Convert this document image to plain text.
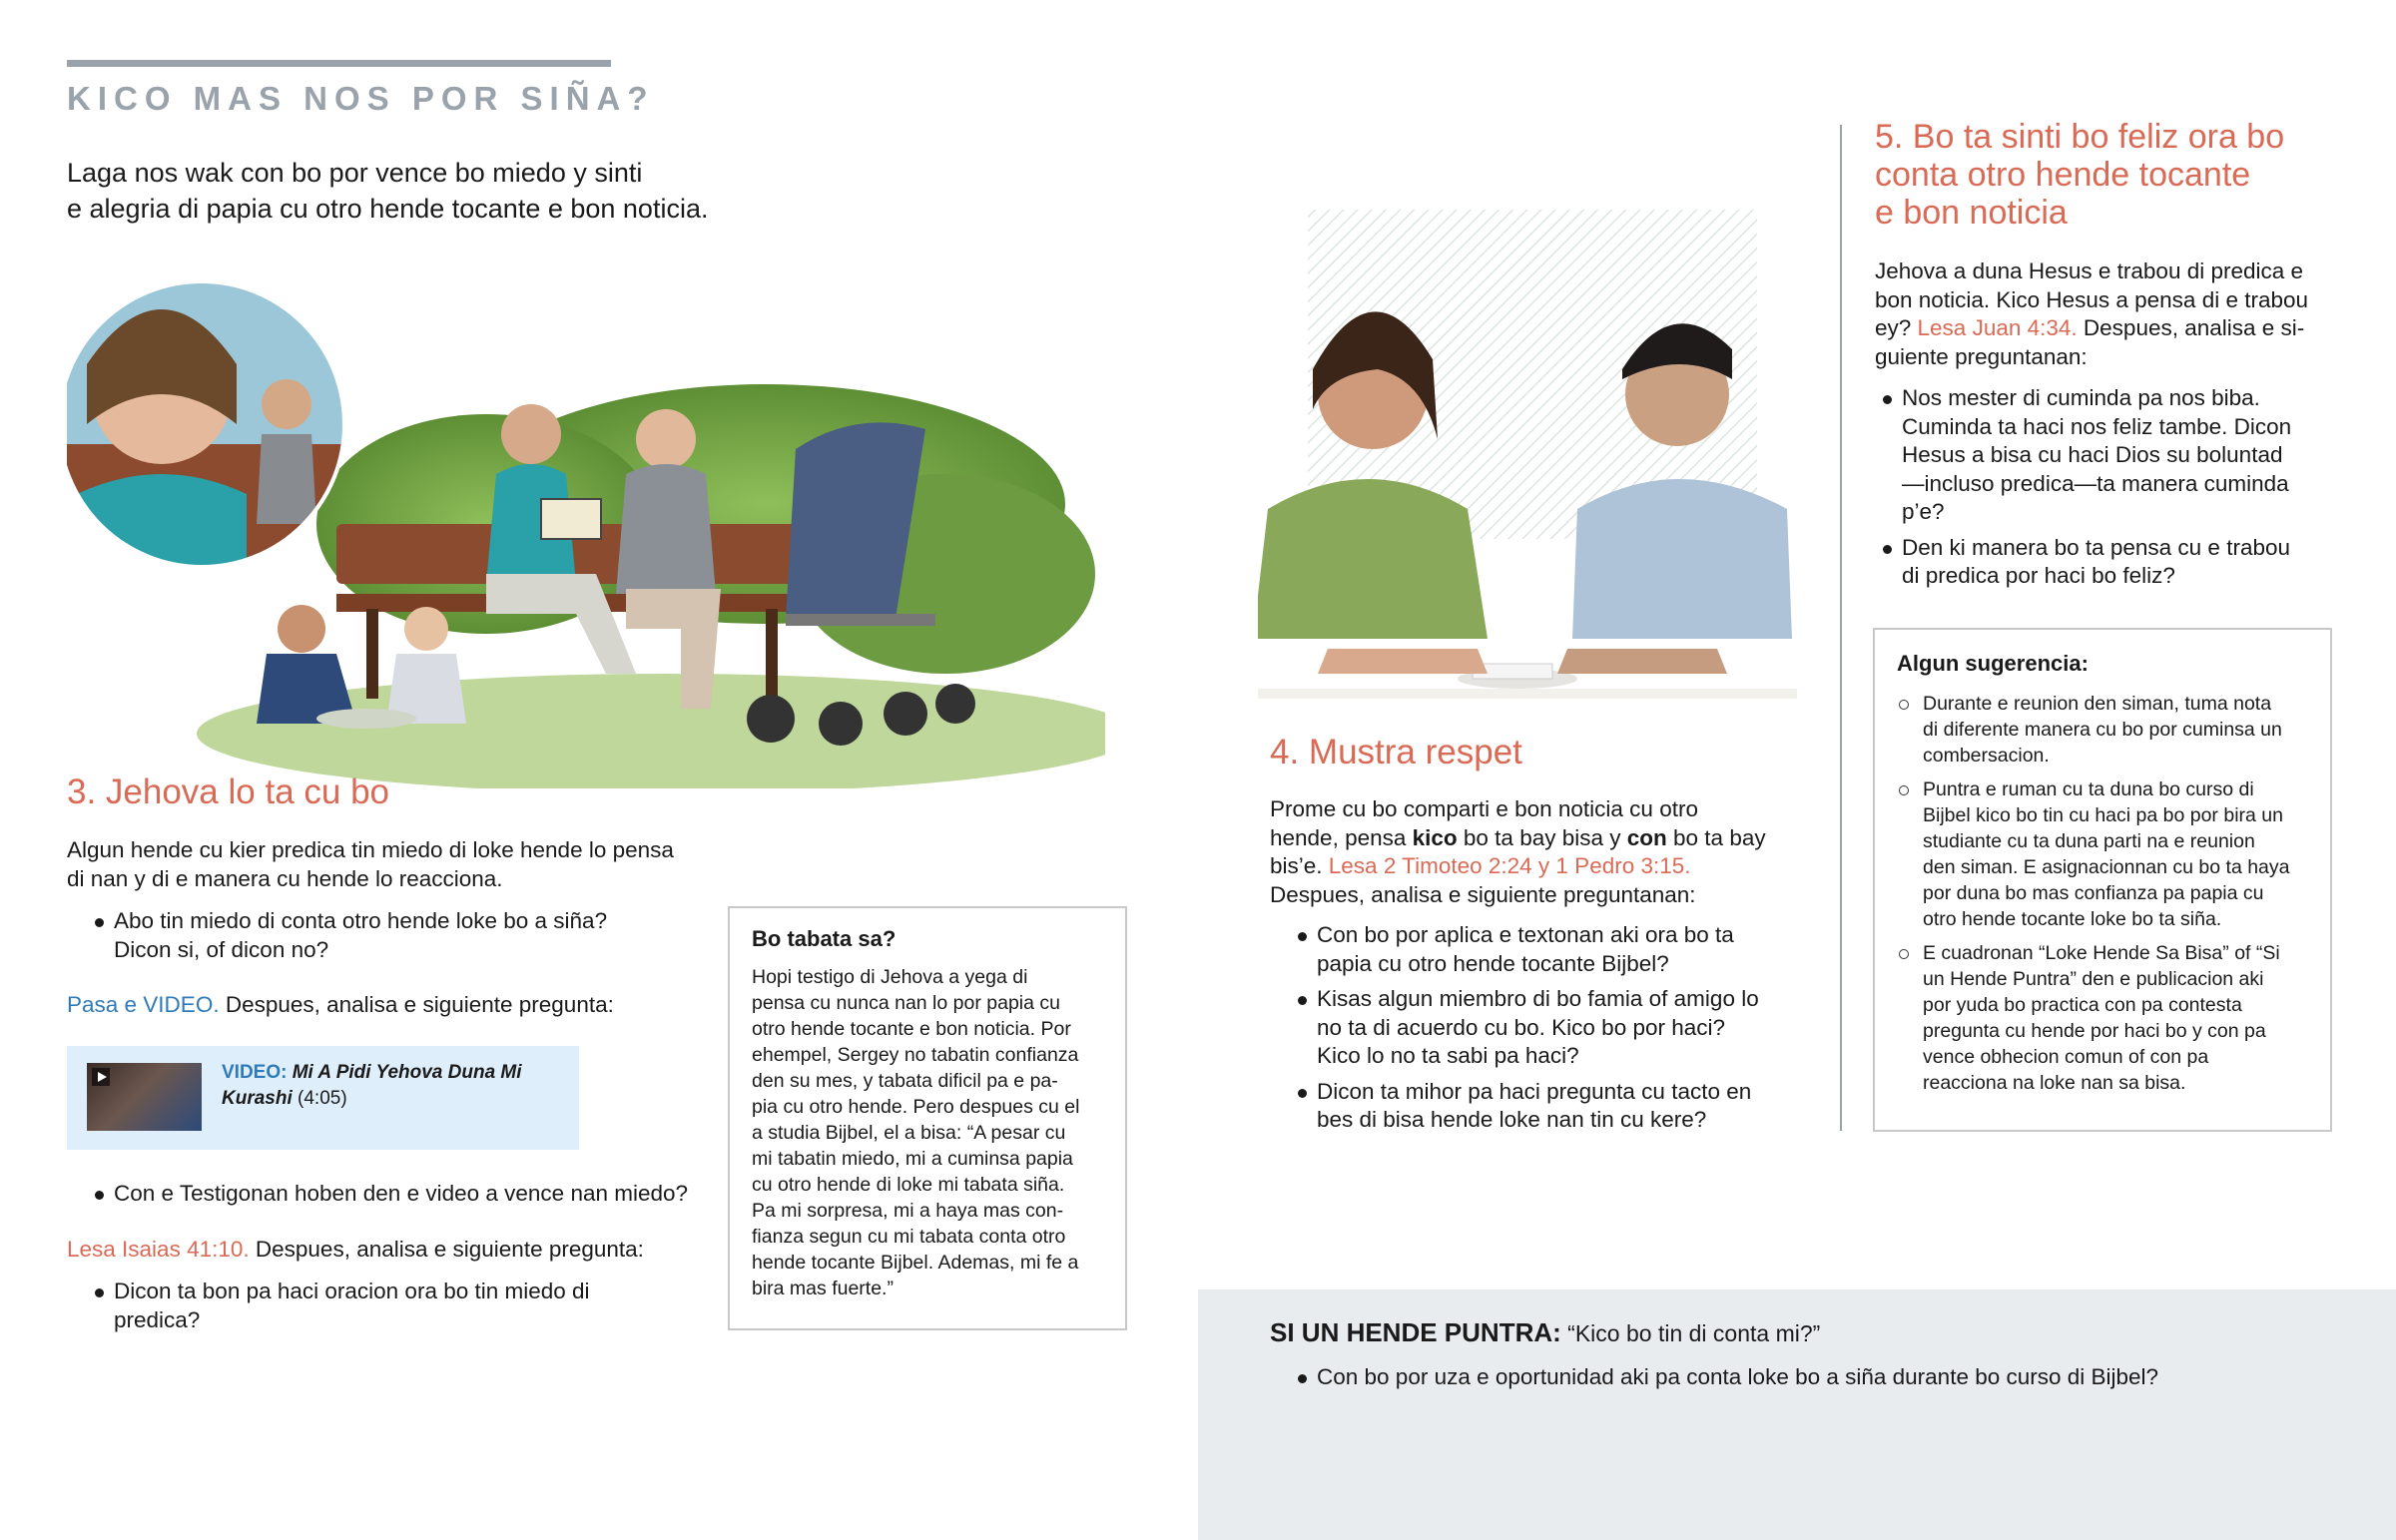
KICO MAS NOS POR SIÑA?
Laga nos wak con bo por vence bo miedo y sinti
e alegria di papia cu otro hende tocante e bon noticia.
3. Jehova lo ta cu bo

Algun hende cu kier predica tin miedo di loke hende lo pensa

di nan y di e manera cu hende lo reacciona.

Abo tin miedo di conta otro hende loke bo a siña?
Dicon si, of dicon no?

Pasa e VIDEO. Despues, analisa e siguiente pregunta:

VIDEO: Mi A Pidi Yehova Duna Mi Kurashi (4:05)
Con e Testigonan hoben den e video a vence nan miedo?

Lesa Isaias 41:10. Despues, analisa e siguiente pregunta:

Dicon ta bon pa haci oracion ora bo tin miedo di
predica?
Bo tabata sa?

Hopi testigo di Jehova a yega di
pensa cu nunca nan lo por papia cu
otro hende tocante e bon noticia. Por
ehempel, Sergey no tabatin confianza
den su mes, y tabata dificil pa e pa-
pia cu otro hende. Pero despues cu el
a studia Bijbel, el a bisa: “A pesar cu
mi tabatin miedo, mi a cuminsa papia
cu otro hende di loke mi tabata siña.
Pa mi sorpresa, mi a haya mas con-
fianza segun cu mi tabata conta otro
hende tocante Bijbel. Ademas, mi fe a
bira mas fuerte.”

4. Mustra respet

Prome cu bo comparti e bon noticia cu otro

hende, pensa kico bo ta bay bisa y con bo ta bay

bis’e. Lesa 2 Timoteo 2:24 y 1 Pedro 3:15.

Despues, analisa e siguiente preguntanan:

Con bo por aplica e textonan aki ora bo ta
papia cu otro hende tocante Bijbel?
Kisas algun miembro di bo famia of amigo lo
no ta di acuerdo cu bo. Kico bo por haci?
Kico lo no ta sabi pa haci?
Dicon ta mihor pa haci pregunta cu tacto en
bes di bisa hende loke nan tin cu kere?
5. Bo ta sinti bo feliz ora bo
conta otro hende tocante
e bon noticia

Jehova a duna Hesus e trabou di predica e

bon noticia. Kico Hesus a pensa di e trabou

ey? Lesa Juan 4:34. Despues, analisa e si-

guiente preguntanan:

Nos mester di cuminda pa nos biba.
Cuminda ta haci nos feliz tambe. Dicon
Hesus a bisa cu haci Dios su boluntad
—incluso predica—ta manera cuminda
p’e?
Den ki manera bo ta pensa cu e trabou
di predica por haci bo feliz?
Algun sugerencia:
Durante e reunion den siman, tuma nota
di diferente manera cu bo por cuminsa un
combersacion.
Puntra e ruman cu ta duna bo curso di
Bijbel kico bo tin cu haci pa bo por bira un
studiante cu ta duna parti na e reunion
den siman. E asignacionnan cu bo ta haya
por duna bo mas confianza pa papia cu
otro hende tocante loke bo ta siña.
E cuadronan “Loke Hende Sa Bisa” of “Si
un Hende Puntra” den e publicacion aki
por yuda bo practica con pa contesta
pregunta cu hende por haci bo y con pa
vence obhecion comun of con pa
reacciona na loke nan sa bisa.

SI UN HENDE PUNTRA: “Kico bo tin di conta mi?”

Con bo por uza e oportunidad aki pa conta loke bo a siña durante bo curso di Bijbel?
